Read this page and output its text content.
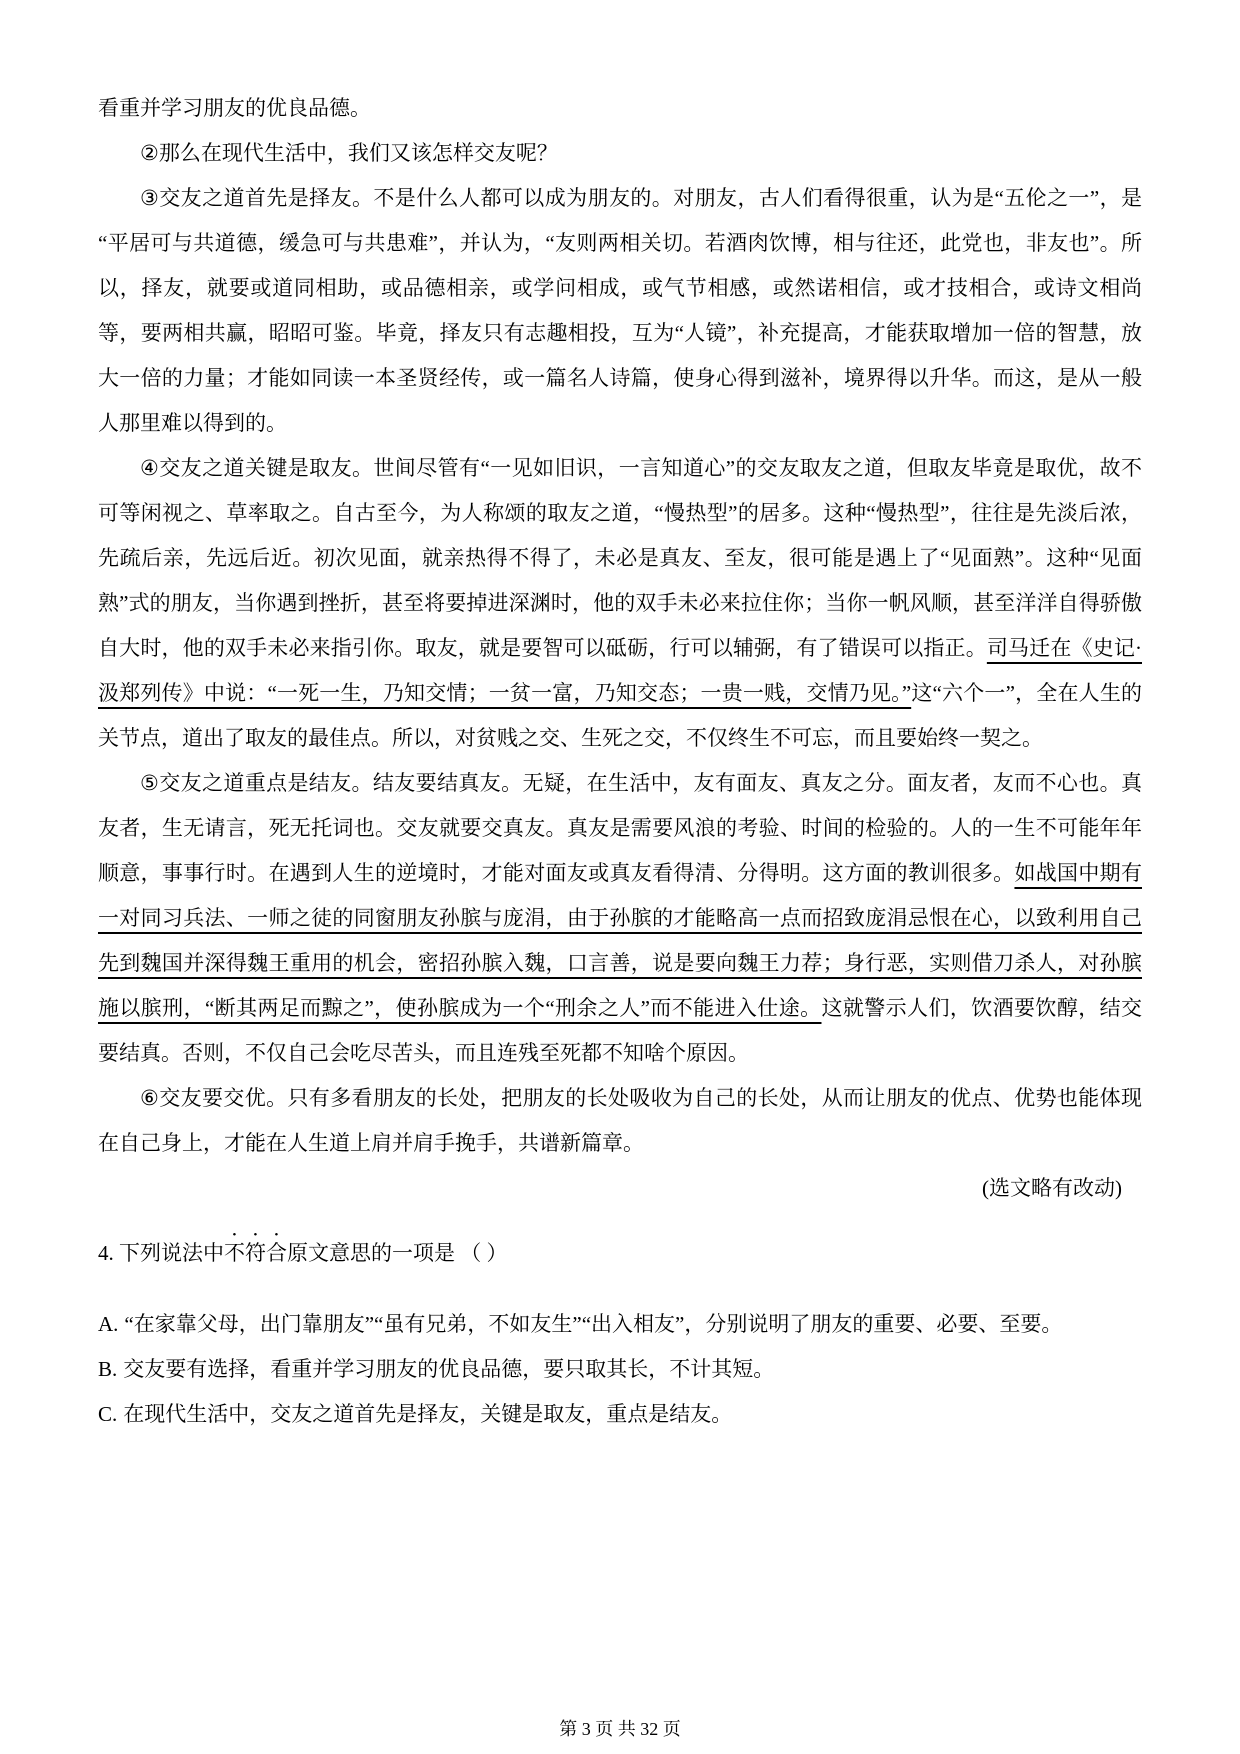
看重并学习朋友的优良品德。

②那么在现代生活中，我们又该怎样交友呢？

③交友之道首先是择友。不是什么人都可以成为朋友的。对朋友，古人们看得很重，认为是“五伦之一”，是“平居可与共道德，缓急可与共患难”，并认为，“友则两相关切。若酒肉饮博，相与往还，此党也，非友也”。所以，择友，就要或道同相助，或品德相亲，或学问相成，或气节相感，或然诺相信，或才技相合，或诗文相尚等，要两相共赢，昭昭可鉴。毕竟，择友只有志趣相投，互为“人镜”，补充提高，才能获取增加一倍的智慧，放大一倍的力量；才能如同读一本圣贤经传，或一篇名人诗篇，使身心得到滋补，境界得以升华。而这，是从一般人那里难以得到的。

④交友之道关键是取友。世间尽管有“一见如旧识，一言知道心”的交友取友之道，但取友毕竟是取优，故不可等闲视之、草率取之。自古至今，为人称颂的取友之道，“慢热型”的居多。这种“慢热型”，往往是先淡后浓，先疏后亲，先远后近。初次见面，就亲热得不得了，未必是真友、至友，很可能是遇上了“见面熟”。这种“见面熟”式的朋友，当你遇到挫折，甚至将要掉进深渊时，他的双手未必来拉住你；当你一帆风顺，甚至洋洋自得骄傲自大时，他的双手未必来指引你。取友，就是要智可以砥砺，行可以辅弼，有了错误可以指正。司马迁在《史记·汲郑列传》中说：“一死一生，乃知交情；一贫一富，乃知交态；一贵一贱，交情乃见。”这“六个一”，全在人生的关节点，道出了取友的最佳点。所以，对贫贱之交、生死之交，不仅终生不可忘，而且要始终一契之。

⑤交友之道重点是结友。结友要结真友。无疑，在生活中，友有面友、真友之分。面友者，友而不心也。真友者，生无请言，死无托词也。交友就要交真友。真友是需要风浪的考验、时间的检验的。人的一生不可能年年顺意，事事行时。在遇到人生的逆境时，才能对面友或真友看得清、分得明。这方面的教训很多。如战国中期有一对同习兵法、一师之徒的同窗朋友孙膑与庞涓，由于孙膑的才能略高一点而招致庞涓忌恨在心，以致利用自己先到魏国并深得魏王重用的机会，密招孙膑入魏，口言善，说是要向魏王力荐；身行恶，实则借刀杀人，对孙膑施以膑刑，“断其两足而黥之”，使孙膑成为一个“刑余之人”而不能进入仕途。这就警示人们，饮酒要饮醇，结交要结真。否则，不仅自己会吃尽苦头，而且连残至死都不知啥个原因。

⑥交友要交优。只有多看朋友的长处，把朋友的长处吸收为自己的长处，从而让朋友的优点、优势也能体现在自己身上，才能在人生道上肩并肩手挽手，共谱新篇章。

(选文略有改动)
4. 下列说法中不符合原文意思的一项是 （ ）

A. “在家靠父母，出门靠朋友”“虽有兄弟，不如友生”“出入相友”，分别说明了朋友的重要、必要、至要。

B. 交友要有选择，看重并学习朋友的优良品德，要只取其长，不计其短。

C. 在现代生活中，交友之道首先是择友，关键是取友，重点是结友。

第 3 页 共 32 页
